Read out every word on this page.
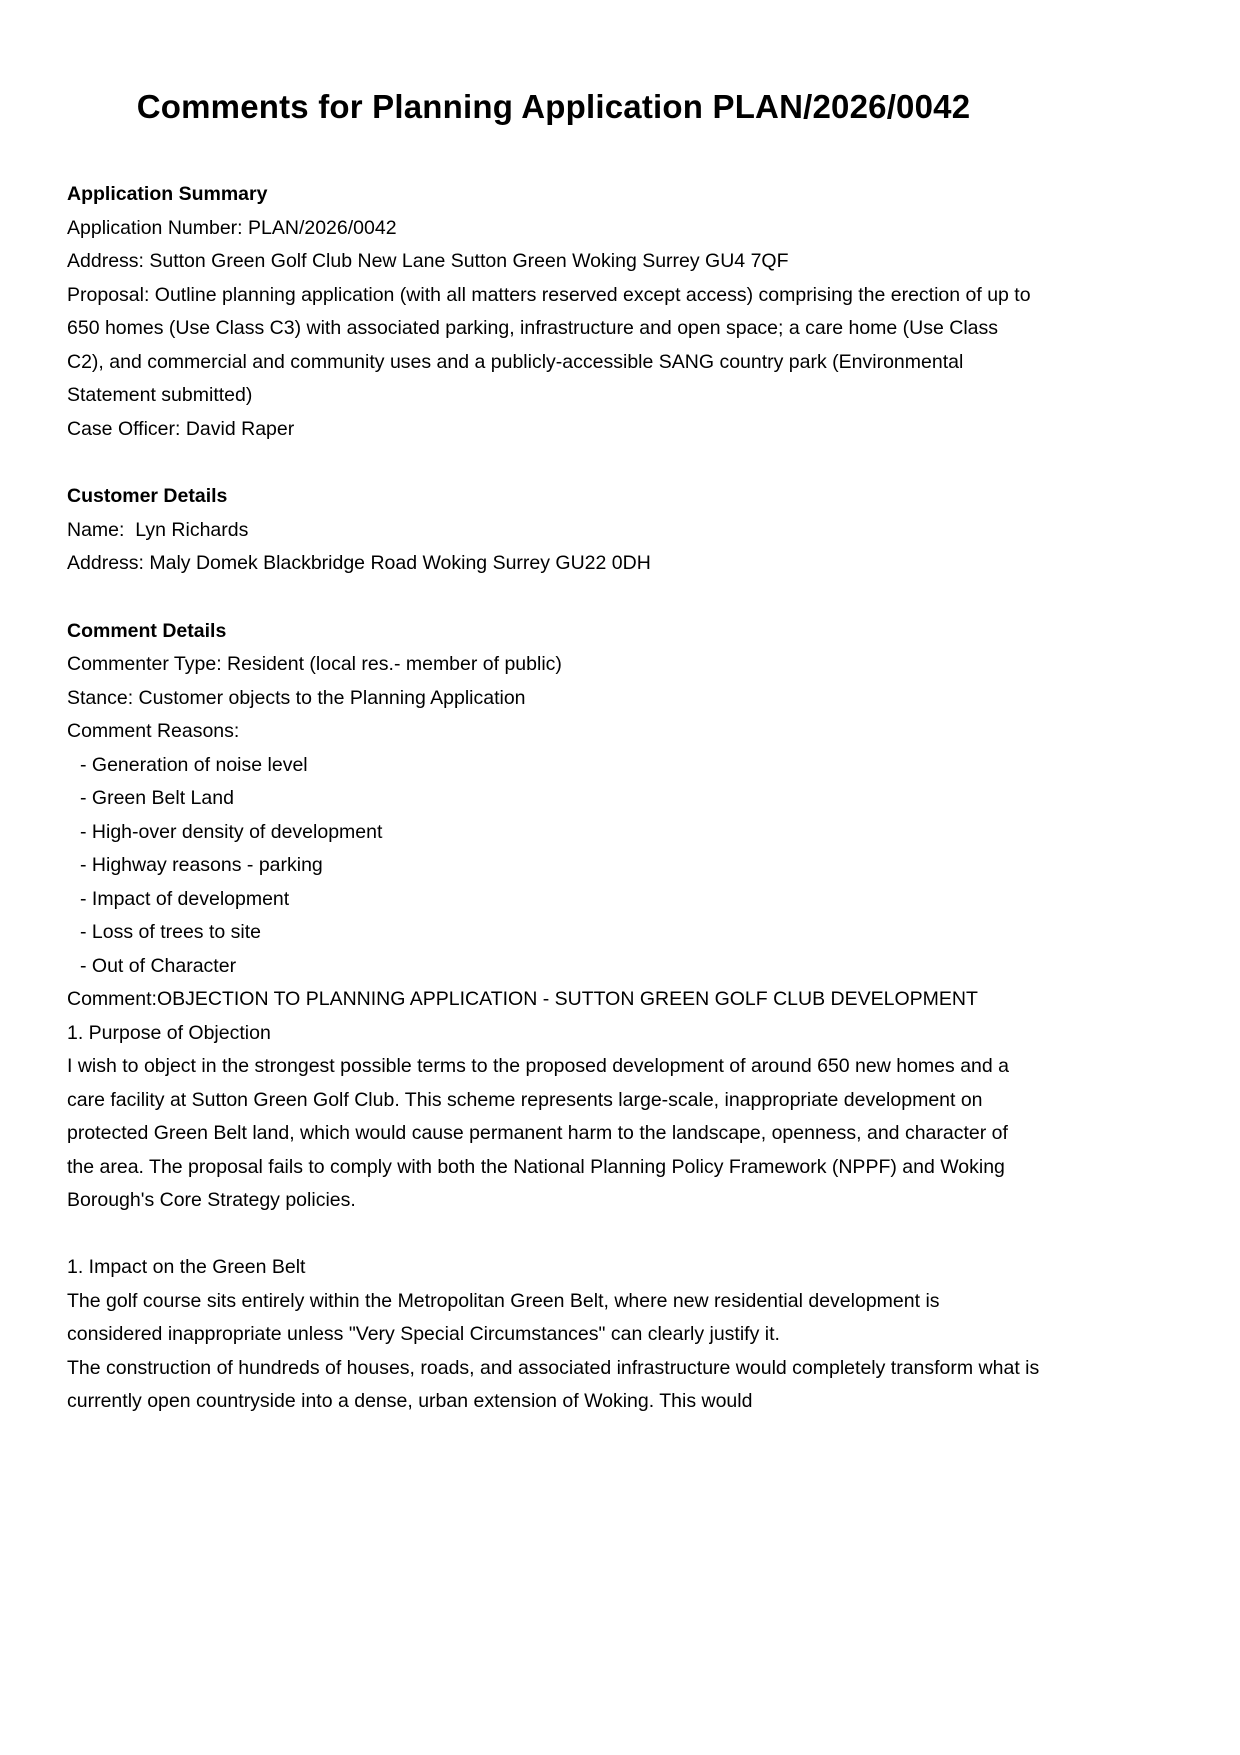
Comments for Planning Application PLAN/2026/0042

Application Summary

Application Number: PLAN/2026/0042

Address: Sutton Green Golf Club New Lane Sutton Green Woking Surrey GU4 7QF

Proposal: Outline planning application (with all matters reserved except access) comprising the erection of up to 650 homes (Use Class C3) with associated parking, infrastructure and open space; a care home (Use Class C2), and commercial and community uses and a publicly-accessible SANG country park (Environmental Statement submitted)

Case Officer: David Raper

Customer Details

Name:  Lyn Richards

Address: Maly Domek Blackbridge Road Woking Surrey GU22 0DH

Comment Details

Commenter Type: Resident (local res.- member of public)

Stance: Customer objects to the Planning Application

Comment Reasons:

- Generation of noise level

- Green Belt Land

- High-over density of development

- Highway reasons - parking

- Impact of development

- Loss of trees to site

- Out of Character

Comment:OBJECTION TO PLANNING APPLICATION - SUTTON GREEN GOLF CLUB DEVELOPMENT

1. Purpose of Objection

I wish to object in the strongest possible terms to the proposed development of around 650 new homes and a care facility at Sutton Green Golf Club. This scheme represents large-scale, inappropriate development on protected Green Belt land, which would cause permanent harm to the landscape, openness, and character of the area. The proposal fails to comply with both the National Planning Policy Framework (NPPF) and Woking Borough's Core Strategy policies.

1. Impact on the Green Belt

The golf course sits entirely within the Metropolitan Green Belt, where new residential development is considered inappropriate unless "Very Special Circumstances" can clearly justify it.

The construction of hundreds of houses, roads, and associated infrastructure would completely transform what is currently open countryside into a dense, urban extension of Woking. This would
